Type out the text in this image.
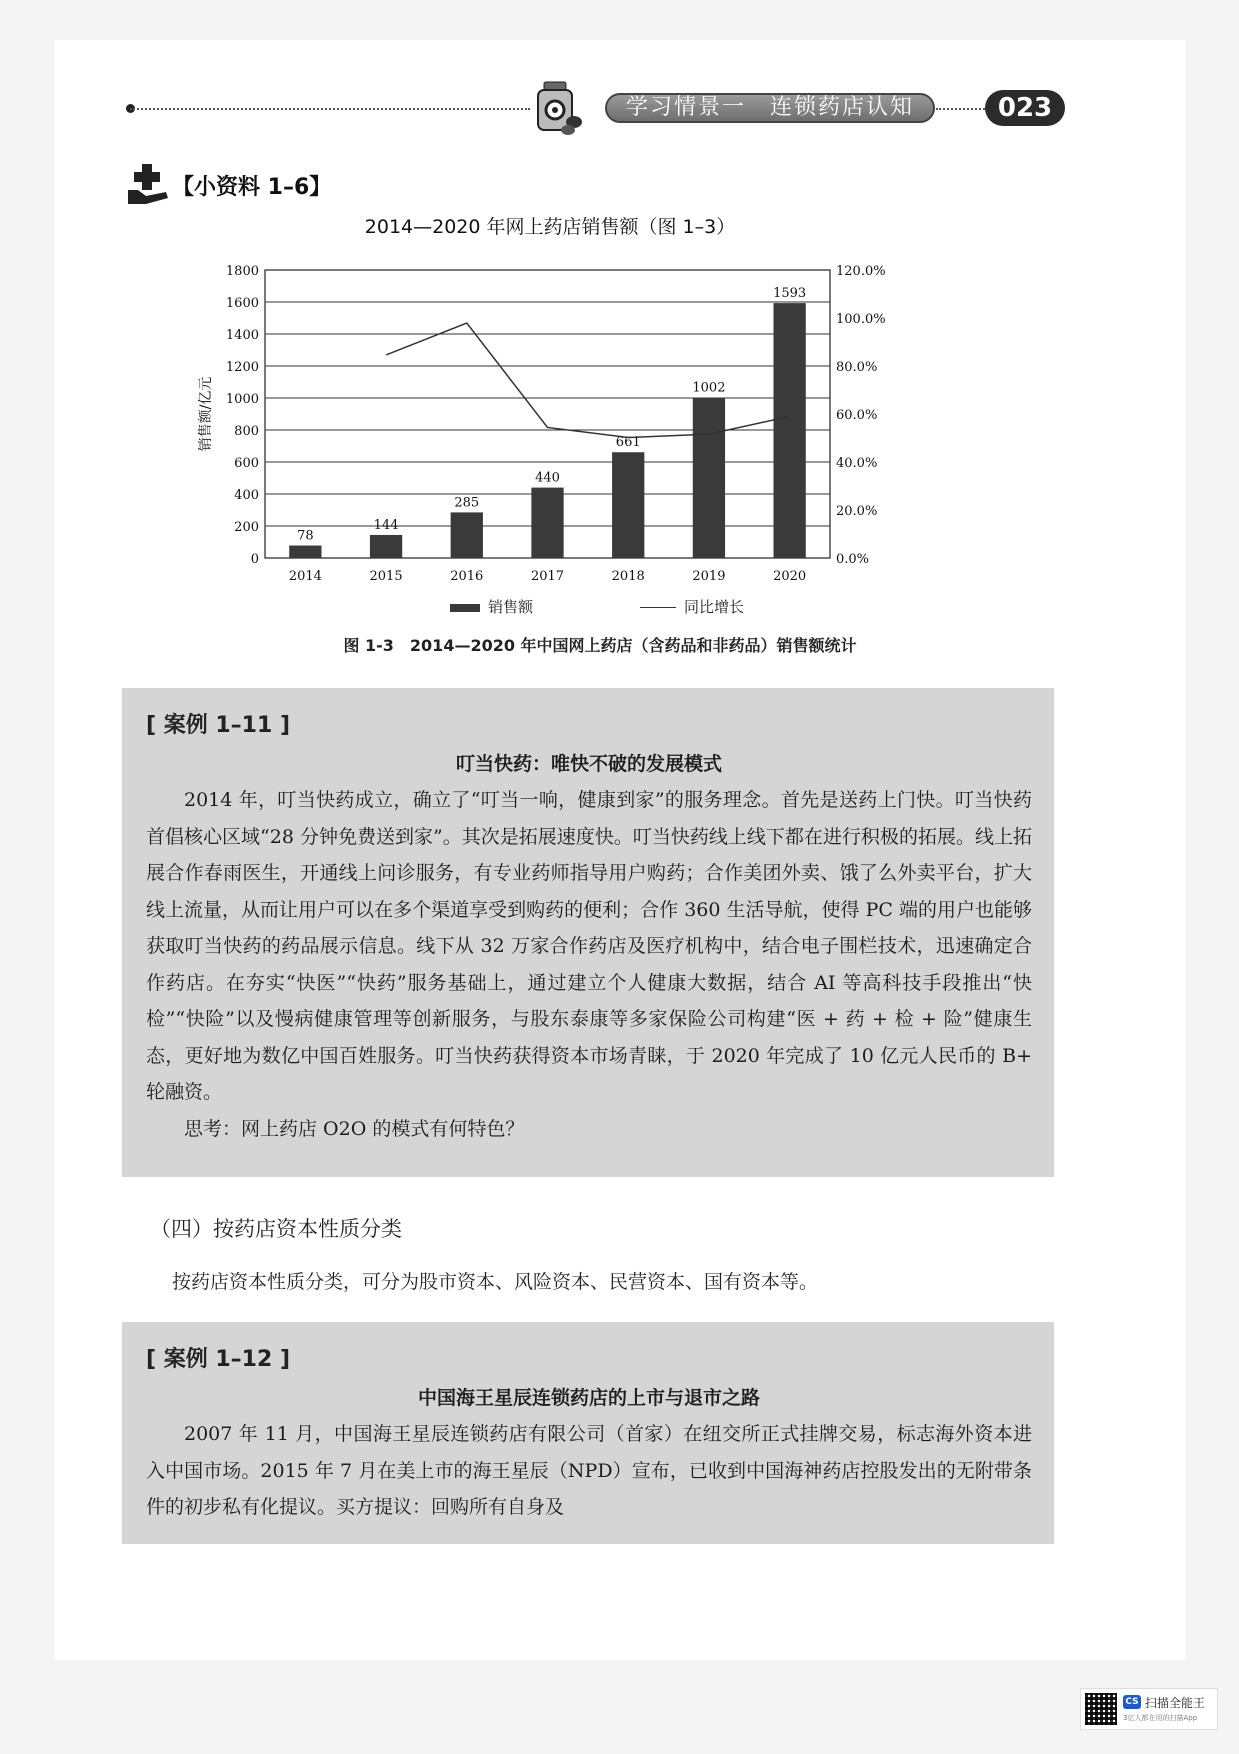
学习情景一　连锁药店认知	023
【小资料 1–6】
2014—2020 年网上药店销售额（图 1–3）
0
200
400
600
800
1000
1200
1400
1600
1800
0.0%
20.0%
40.0%
60.0%
80.0%
100.0%
120.0%
销售额/亿元
78
2014
144
2015
285
2016
440
2017
661
2018
1002
2019
1593
2020
销售额	同比增长
图 1-3　2014—2020 年中国网上药店（含药品和非药品）销售额统计

[ 案例 1–11 ]

叮当快药：唯快不破的发展模式

2014 年，叮当快药成立，确立了“叮当一响，健康到家”的服务理念。首先是送药上门快。叮当快药首倡核心区域“28 分钟免费送到家”。其次是拓展速度快。叮当快药线上线下都在进行积极的拓展。线上拓展合作春雨医生，开通线上问诊服务，有专业药师指导用户购药；合作美团外卖、饿了么外卖平台，扩大线上流量，从而让用户可以在多个渠道享受到购药的便利；合作 360 生活导航，使得 PC 端的用户也能够获取叮当快药的药品展示信息。线下从 32 万家合作药店及医疗机构中，结合电子围栏技术，迅速确定合作药店。在夯实“快医”“快药”服务基础上，通过建立个人健康大数据，结合 AI 等高科技手段推出“快检”“快险”以及慢病健康管理等创新服务，与股东泰康等多家保险公司构建“医 + 药 + 检 + 险”健康生态，更好地为数亿中国百姓服务。叮当快药获得资本市场青睐，于 2020 年完成了 10 亿元人民币的 B+ 轮融资。

思考：网上药店 O2O 的模式有何特色？

（四）按药店资本性质分类
按药店资本性质分类，可分为股市资本、风险资本、民营资本、国有资本等。

[ 案例 1–12 ]

中国海王星辰连锁药店的上市与退市之路

2007 年 11 月，中国海王星辰连锁药店有限公司（首家）在纽交所正式挂牌交易，标志海外资本进入中国市场。2015 年 7 月在美上市的海王星辰（NPD）宣布，已收到中国海神药店控股发出的无附带条件的初步私有化提议。买方提议：回购所有自身及

CS 扫描全能王
3亿人都在用的扫描App
